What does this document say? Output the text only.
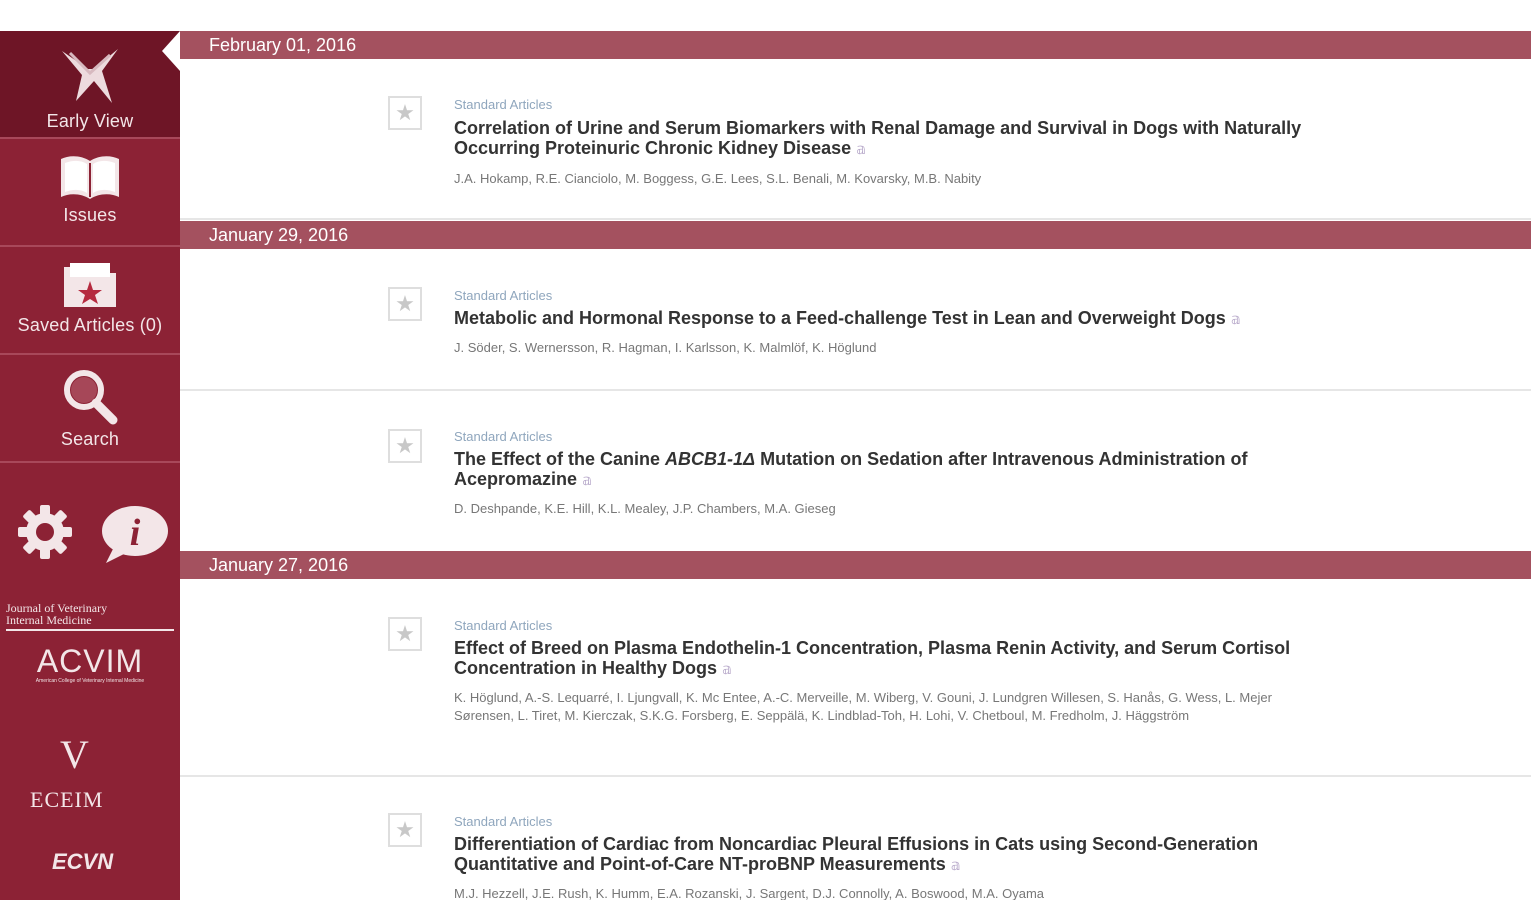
Early View
Issues
Saved Articles (0)
Search
i
Journal of Veterinary
Internal Medicine
ACVIM
American College of Veterinary Internal Medicine
V
ECEIM
ECVN
February 01, 2016
★	Standard Articles
Correlation of Urine and Serum Biomarkers with Renal Damage and Survival in Dogs with Naturally Occurring Proteinuric Chronic Kidney Disease 𝕒
J.A. Hokamp, R.E. Cianciolo, M. Boggess, G.E. Lees, S.L. Benali, M. Kovarsky, M.B. Nabity
January 29, 2016
★	Standard Articles
Metabolic and Hormonal Response to a Feed-challenge Test in Lean and Overweight Dogs 𝕒
J. Söder, S. Wernersson, R. Hagman, I. Karlsson, K. Malmlöf, K. Höglund
★	Standard Articles
The Effect of the Canine ABCB1-1Δ Mutation on Sedation after Intravenous Administration of Acepromazine 𝕒
D. Deshpande, K.E. Hill, K.L. Mealey, J.P. Chambers, M.A. Gieseg
January 27, 2016
★	Standard Articles
Effect of Breed on Plasma Endothelin-1 Concentration, Plasma Renin Activity, and Serum Cortisol Concentration in Healthy Dogs 𝕒
K. Höglund, A.-S. Lequarré, I. Ljungvall, K. Mc Entee, A.-C. Merveille, M. Wiberg, V. Gouni, J. Lundgren Willesen, S. Hanås, G. Wess, L. Mejer Sørensen, L. Tiret, M. Kierczak, S.K.G. Forsberg, E. Seppälä, K. Lindblad-Toh, H. Lohi, V. Chetboul, M. Fredholm, J. Häggström
★	Standard Articles
Differentiation of Cardiac from Noncardiac Pleural Effusions in Cats using Second-Generation Quantitative and Point-of-Care NT-proBNP Measurements 𝕒
M.J. Hezzell, J.E. Rush, K. Humm, E.A. Rozanski, J. Sargent, D.J. Connolly, A. Boswood, M.A. Oyama
